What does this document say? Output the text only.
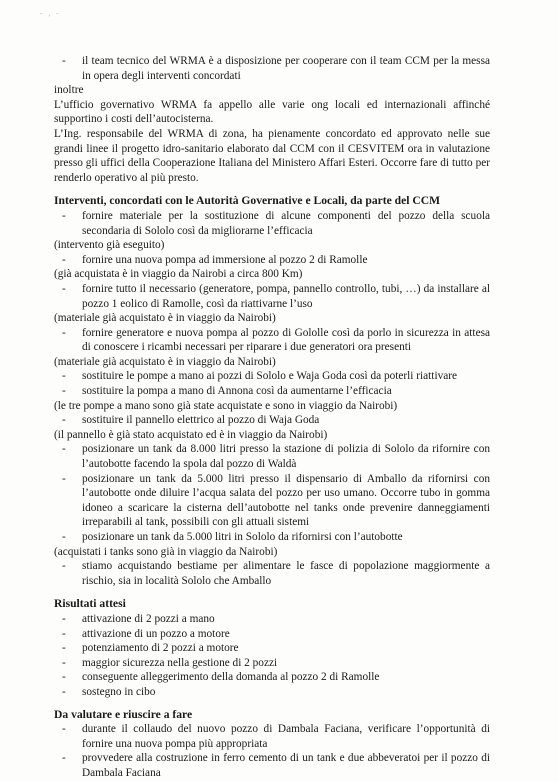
- ¸ -
- il team tecnico del WRMA è a disposizione per cooperare con il team CCM per la messa in opera degli interventi concordati

inoltre

L’ufficio governativo WRMA fa appello alle varie ong locali ed internazionali affinché supportino i costi dell’autocisterna.

L’Ing. responsabile del WRMA di zona, ha pienamente concordato ed approvato nelle sue grandi linee il progetto idro-sanitario elaborato dal CCM con il CESVITEM ora in valutazione presso gli uffici della Cooperazione Italiana del Ministero Affari Esteri. Occorre fare di tutto per renderlo operativo al più presto.

Interventi, concordati con le Autorità Governative e Locali, da parte del CCM
- fornire materiale per la sostituzione di alcune componenti del pozzo della scuola secondaria di Sololo così da migliorarne l’efficacia

(intervento già eseguito)

- fornire una nuova pompa ad immersione al pozzo 2 di Ramolle

(già acquistata è in viaggio da Nairobi a circa 800 Km)

- fornire tutto il necessario (generatore, pompa, pannello controllo, tubi, …) da installare al pozzo 1 eolico di Ramolle, così da riattivarne l’uso

(materiale già acquistato è in viaggio da Nairobi)

- fornire generatore e nuova pompa al pozzo di Gololle così da porlo in sicurezza in attesa di conoscere i ricambi necessari per riparare i due generatori ora presenti

(materiale già acquistato è in viaggio da Nairobi)

- sostituire le pompe a mano ai pozzi di Sololo e Waja Goda così da poterli riattivare
- sostituire la pompa a mano di Annona così da aumentarne l’efficacia

(le tre pompe a mano sono già state acquistate e sono in viaggio da Nairobi)

- sostituire il pannello elettrico al pozzo di Waja Goda

(il pannello è già stato acquistato ed è in viaggio da Nairobi)

- posizionare un tank da 8.000 litri presso la stazione di polizia di Sololo da rifornire con l’autobotte facendo la spola dal pozzo di Waldà
- posizionare un tank da 5.000 litri presso il dispensario di Amballo da rifornirsi con l’autobotte onde diluire l’acqua salata del pozzo per uso umano. Occorre tubo in gomma idoneo a scaricare la cisterna dell’autobotte nel tanks onde prevenire danneggiamenti irreparabili al tank, possibili con gli attuali sistemi
- posizionare un tank da 5.000 litri in Sololo da rifornirsi con l’autobotte

(acquistati i tanks sono già in viaggio da Nairobi)

- stiamo acquistando bestiame per alimentare le fasce di popolazione maggiormente a rischio, sia in località Sololo che Amballo
Risultati attesi
- attivazione di 2 pozzi a mano
- attivazione di un pozzo a motore
- potenziamento di 2 pozzi a motore
- maggior sicurezza nella gestione di 2 pozzi
- conseguente alleggerimento della domanda al pozzo 2 di Ramolle
- sostegno in cibo
Da valutare e riuscire a fare
- durante il collaudo del nuovo pozzo di Dambala Faciana, verificare l’opportunità di fornire una nuova pompa più appropriata
- provvedere alla costruzione in ferro cemento di un tank e due abbeveratoi per il pozzo di Dambala Faciana
